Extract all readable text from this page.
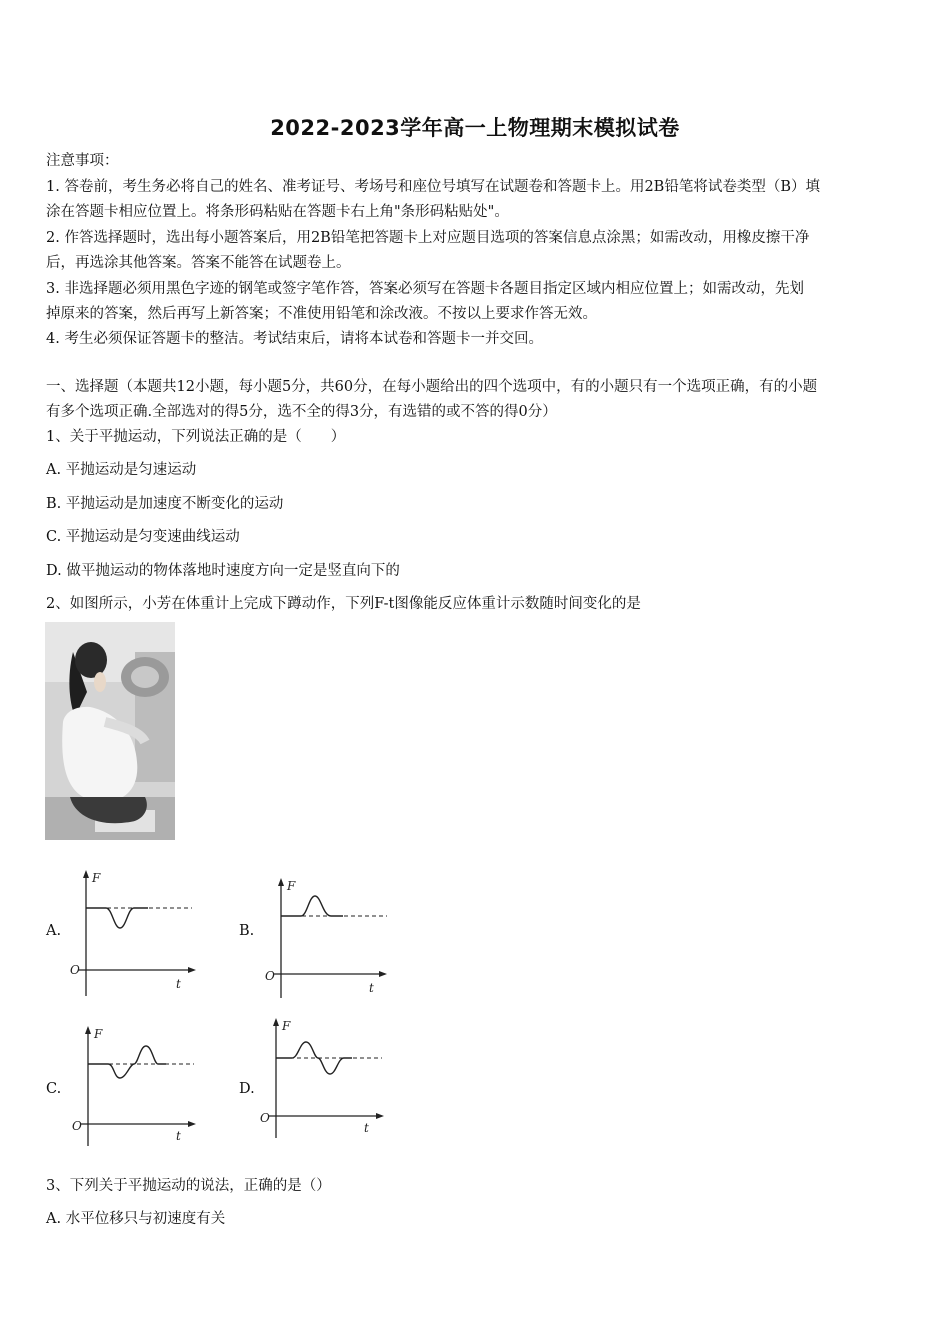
2022-2023学年高一上物理期末模拟试卷
注意事项：
1. 答卷前，考生务必将自己的姓名、准考证号、考场号和座位号填写在试题卷和答题卡上。用2B铅笔将试卷类型（B）填
涂在答题卡相应位置上。将条形码粘贴在答题卡右上角"条形码粘贴处"。
2. 作答选择题时，选出每小题答案后，用2B铅笔把答题卡上对应题目选项的答案信息点涂黑；如需改动，用橡皮擦干净
后，再选涂其他答案。答案不能答在试题卷上。
3. 非选择题必须用黑色字迹的钢笔或签字笔作答，答案必须写在答题卡各题目指定区域内相应位置上；如需改动，先划
掉原来的答案，然后再写上新答案；不准使用铅笔和涂改液。不按以上要求作答无效。
4. 考生必须保证答题卡的整洁。考试结束后，请将本试卷和答题卡一并交回。
一、选择题（本题共12小题，每小题5分，共60分，在每小题给出的四个选项中，有的小题只有一个选项正确，有的小题
有多个选项正确.全部选对的得5分，选不全的得3分，有选错的或不答的得0分）
1、关于平抛运动，下列说法正确的是（　　）
A. 平抛运动是匀速运动
B. 平抛运动是加速度不断变化的运动
C. 平抛运动是匀变速曲线运动
D. 做平抛运动的物体落地时速度方向一定是竖直向下的
2、如图所示，小芳在体重计上完成下蹲动作，下列F-t图像能反应体重计示数随时间变化的是
A.	B.
C.	D.
F
O
t
F
O
t
F
O
t
F
O
t
3、下列关于平抛运动的说法，正确的是（）
A. 水平位移只与初速度有关
